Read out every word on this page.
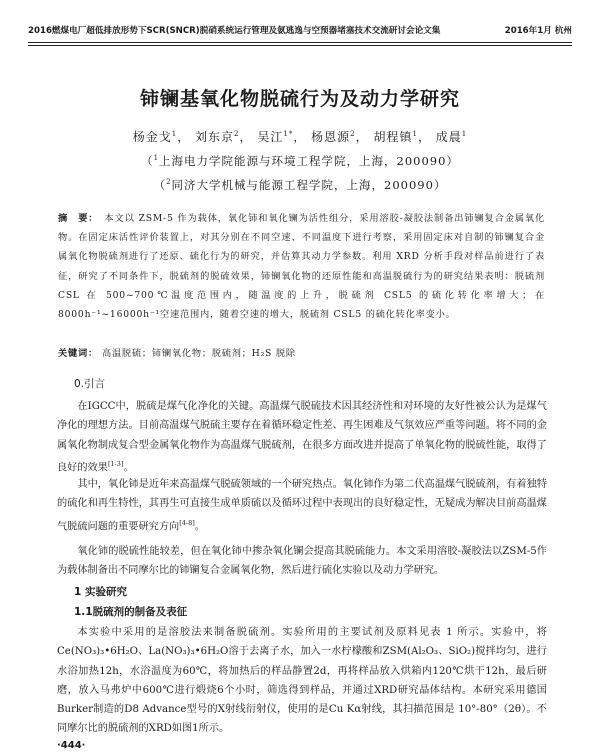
2016燃煤电厂超低排放形势下SCR(SNCR)脱硝系统运行管理及氨逃逸与空预器堵塞技术交流研讨会论文集	2016年1月 杭州
铈镧基氧化物脱硫行为及动力学研究
杨金戈$^1$， 刘东京$^2$， 吴江$^{1*}$， 杨恩源$^2$， 胡程镇$^1$， 成晨$^1$
（$^1$上海电力学院能源与环境工程学院，上海，200090）
（$^2$同济大学机械与能源工程学院，上海，200090）
摘　要： 本文以 ZSM-5 作为载体，氧化铈和氧化镧为活性组分，采用溶胶-凝胶法制备出铈镧复合金属氧化物。在固定床活性评价装置上，对其分别在不同空速、不同温度下进行考察，采用固定床对自制的铈镧复合金属氧化物脱硫剂进行了还原、硫化行为的研究，并估算其动力学参数。利用 XRD 分析手段对样品前进行了表征，研究了不同条件下，脱硫剂的脱硫效果，铈镧氧化物的还原性能和高温脱硫行为的研究结果表明：脱硫剂 CSL 在 500~700℃温度范围内，随温度的上升，脱硫剂 CSL5 的硫化转化率增大；在 8000h⁻¹~16000h⁻¹空速范围内，随着空速的增大，脱硫剂 CSL5 的硫化转化率变小。
关键词： 高温脱硫；铈镧氧化物；脱硫剂；H₂S 脱除
0.引言

在IGCC中，脱硫是煤气化净化的关键。高温煤气脱硫技术因其经济性和对环境的友好性被公认为是煤气净化的理想方法。目前高温煤气脱硫主要存在着循环稳定性差、再生困难及气氛效应严重等问题。将不同的金属氧化物制成复合型金属氧化物作为高温煤气脱硫剂，在很多方面改进并提高了单氧化物的脱硫性能，取得了良好的效果[1-3]。

其中，氧化铈是近年来高温煤气脱硫领域的一个研究热点。氧化铈作为第二代高温煤气脱硫剂，有着独特的硫化和再生特性，其再生可直接生成单质硫以及循环过程中表现出的良好稳定性，无疑成为解决目前高温煤气脱硫问题的重要研究方向[4-8]。

氧化铈的脱硫性能较差，但在氧化铈中掺杂氧化镧会提高其脱硫能力。本文采用溶胶-凝胶法以ZSM-5作为载体制备出不同摩尔比的铈镧复合金属氧化物，然后进行硫化实验以及动力学研究。

1 实验研究
1.1脱硫剂的制备及表征

本实验中采用的是溶胶法来制备脱硫剂。实验所用的主要试剂及原料见表 1 所示。实验中，将Ce(NO₃)₃•6H₂O、La(NO₃)₃•6H₂O溶于去离子水，加入一水柠檬酸和ZSM(Al₂O₃、SiO₂)搅拌均匀，进行水浴加热12h，水浴温度为60℃，将加热后的样品静置2d，再将样品放入烘箱内120℃烘干12h，最后研磨，放入马弗炉中600℃进行煅烧6个小时，筛选得到样品，并通过XRD研究晶体结构。本研究采用德国Burker制造的D8 Advance型号的X射线衍射仪，使用的是Cu Kα射线，其扫描范围是 10°-80°（2θ）。不同摩尔比的脱硫剂的XRD如图1所示。

·444·
